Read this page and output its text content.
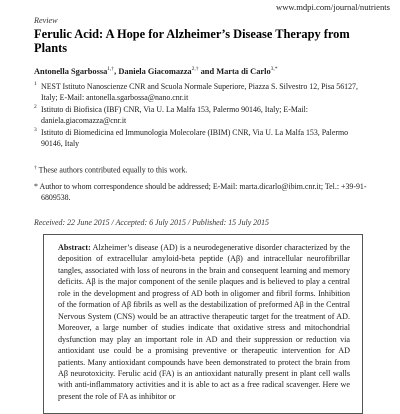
www.mdpi.com/journal/nutrients
Review
Ferulic Acid: A Hope for Alzheimer’s Disease Therapy from Plants
Antonella Sgarbossa$^{1,\dagger}$, Daniela Giacomazza$^{2,\dagger}$ and Marta di Carlo$^{3,*}$
1 NEST Istituto Nanoscienze CNR and Scuola Normale Superiore, Piazza S. Silvestro 12, Pisa 56127, Italy; E-Mail: antonella.sgarbossa@nano.cnr.it
2 Istituto di Biofisica (IBF) CNR, Via U. La Malfa 153, Palermo 90146, Italy; E-Mail: daniela.giacomazza@cnr.it
3 Istituto di Biomedicina ed Immunologia Molecolare (IBIM) CNR, Via U. La Malfa 153, Palermo 90146, Italy
† These authors contributed equally to this work.
* Author to whom correspondence should be addressed; E-Mail: marta.dicarlo@ibim.cnr.it; Tel.: +39-91-6809538.
Received: 22 June 2015 / Accepted: 6 July 2015 / Published: 15 July 2015
Abstract: Alzheimer’s disease (AD) is a neurodegenerative disorder characterized by the deposition of extracellular amyloid-beta peptide (Aβ) and intracellular neurofibrillar tangles, associated with loss of neurons in the brain and consequent learning and memory deficits. Aβ is the major component of the senile plaques and is believed to play a central role in the development and progress of AD both in oligomer and fibril forms. Inhibition of the formation of Aβ fibrils as well as the destabilization of preformed Aβ in the Central Nervous System (CNS) would be an attractive therapeutic target for the treatment of AD. Moreover, a large number of studies indicate that oxidative stress and mitochondrial dysfunction may play an important role in AD and their suppression or reduction via antioxidant use could be a promising preventive or therapeutic intervention for AD patients. Many antioxidant compounds have been demonstrated to protect the brain from Aβ neurotoxicity. Ferulic acid (FA) is an antioxidant naturally present in plant cell walls with anti-inflammatory activities and it is able to act as a free radical scavenger. Here we present the role of FA as inhibitor or
